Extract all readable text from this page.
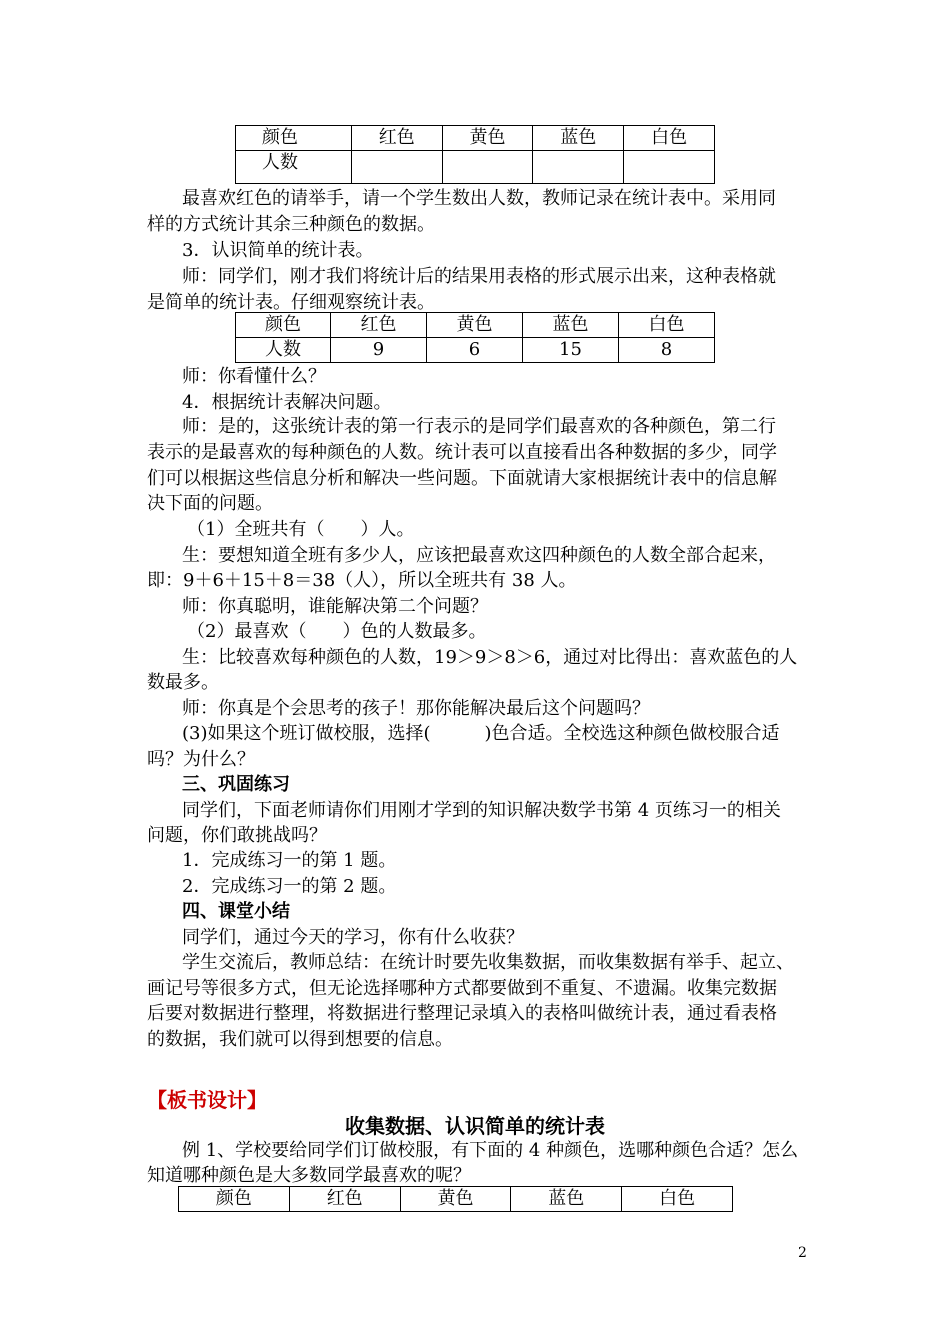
颜色	红色	黄色	蓝色	白色
人数				

最喜欢红色的请举手，请一个学生数出人数，教师记录在统计表中。采用同

样的方式统计其余三种颜色的数据。

3．认识简单的统计表。

师：同学们，刚才我们将统计后的结果用表格的形式展示出来，这种表格就

是简单的统计表。仔细观察统计表。

颜色	红色	黄色	蓝色	白色
人数	9	6	15	8

师：你看懂什么？

4．根据统计表解决问题。

师：是的，这张统计表的第一行表示的是同学们最喜欢的各种颜色，第二行

表示的是最喜欢的每种颜色的人数。统计表可以直接看出各种数据的多少，同学

们可以根据这些信息分析和解决一些问题。下面就请大家根据统计表中的信息解

决下面的问题。

（1）全班共有（　　）人。

生：要想知道全班有多少人，应该把最喜欢这四种颜色的人数全部合起来，

即：9＋6＋15＋8＝38（人），所以全班共有 38 人。

师：你真聪明，谁能解决第二个问题？

（2）最喜欢（　　）色的人数最多。

生：比较喜欢每种颜色的人数，19＞9＞8＞6，通过对比得出：喜欢蓝色的人

数最多。

师：你真是个会思考的孩子！那你能解决最后这个问题吗？

(3)如果这个班订做校服，选择(　　　)色合适。全校选这种颜色做校服合适

吗？为什么？

三、巩固练习

同学们，下面老师请你们用刚才学到的知识解决数学书第 4 页练习一的相关

问题，你们敢挑战吗？

1．完成练习一的第 1 题。

2．完成练习一的第 2 题。

四、课堂小结

同学们，通过今天的学习，你有什么收获？

学生交流后，教师总结：在统计时要先收集数据，而收集数据有举手、起立、

画记号等很多方式，但无论选择哪种方式都要做到不重复、不遗漏。收集完数据

后要对数据进行整理，将数据进行整理记录填入的表格叫做统计表，通过看表格

的数据，我们就可以得到想要的信息。

【板书设计】
收集数据、认识简单的统计表

例 1、学校要给同学们订做校服，有下面的 4 种颜色，选哪种颜色合适？怎么

知道哪种颜色是大多数同学最喜欢的呢？

颜色	红色	黄色	蓝色	白色
2
